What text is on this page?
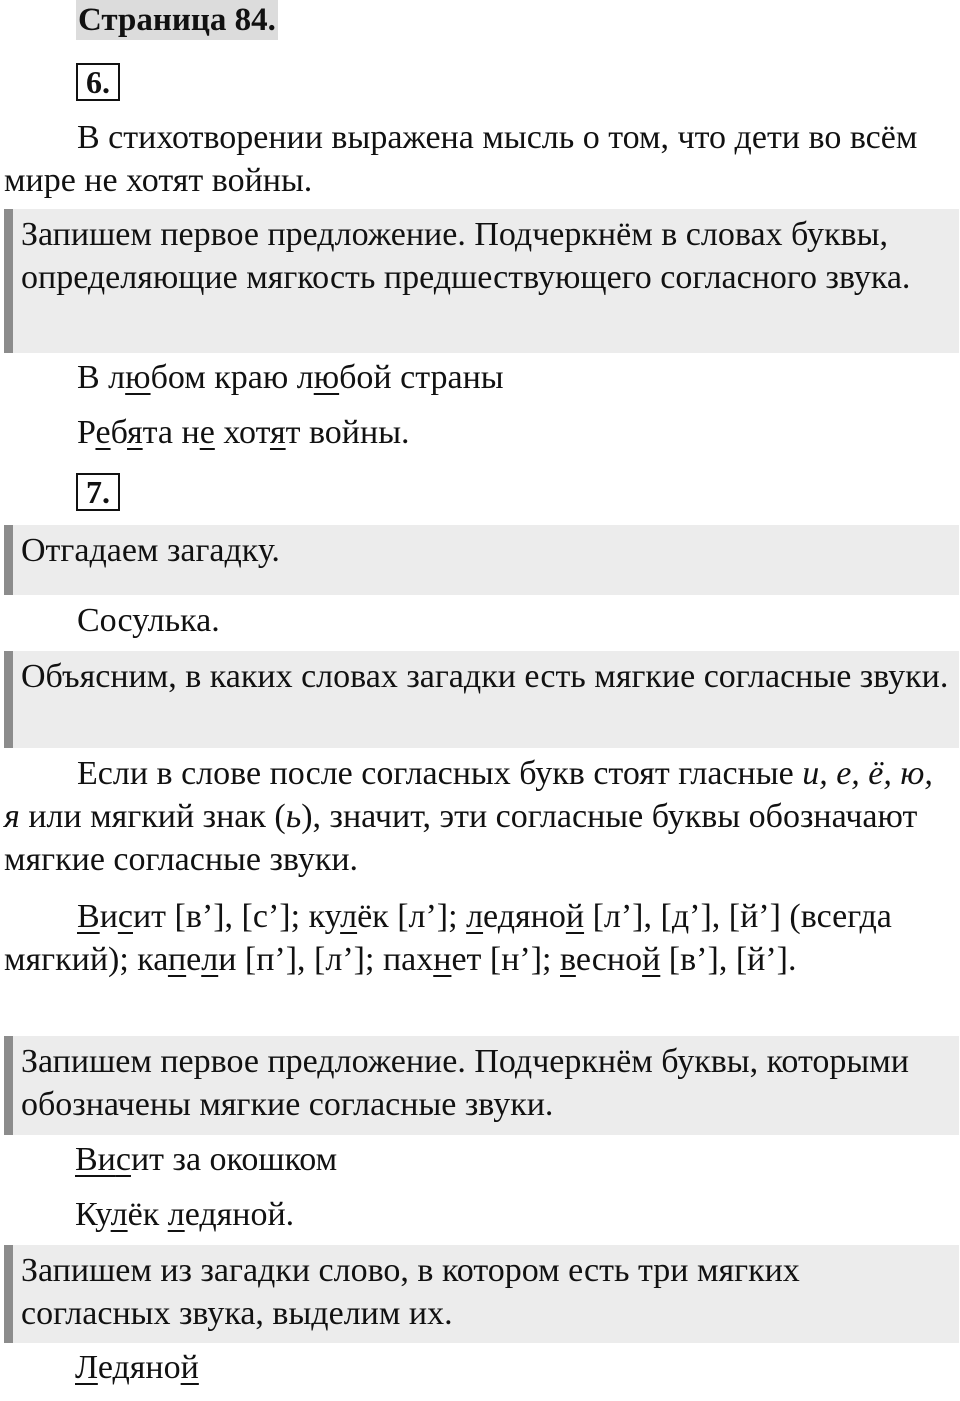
Страница 84.
6.

В стихотворении выражена мысль о том, что дети во всём мире не хотят войны.

Запишем первое предложение. Подчеркнём в словах буквы, определяющие мягкость предшествующего согласного звука.

В любом краю любой страны

Ребята не хотят войны.

7.

Отгадаем загадку.

Сосулька.

Объясним, в каких словах загадки есть мягкие согласные звуки.

Если в слове после согласных букв стоят гласные и, е, ё, ю, я или мягкий знак (ь), значит, эти согласные буквы обозначают мягкие согласные звуки.

Висит [в’], [с’]; кулёк [л’]; ледяной [л’], [д’], [й’] (всегда мягкий); капели [п’], [л’]; пахнет [н’]; весной [в’], [й’].

Запишем первое предложение. Подчеркнём буквы, которыми обозначены мягкие согласные звуки.

Висит за окошком

Кулёк ледяной.

Запишем из загадки слово, в котором есть три мягких согласных звука, выделим их.

Ледяной
